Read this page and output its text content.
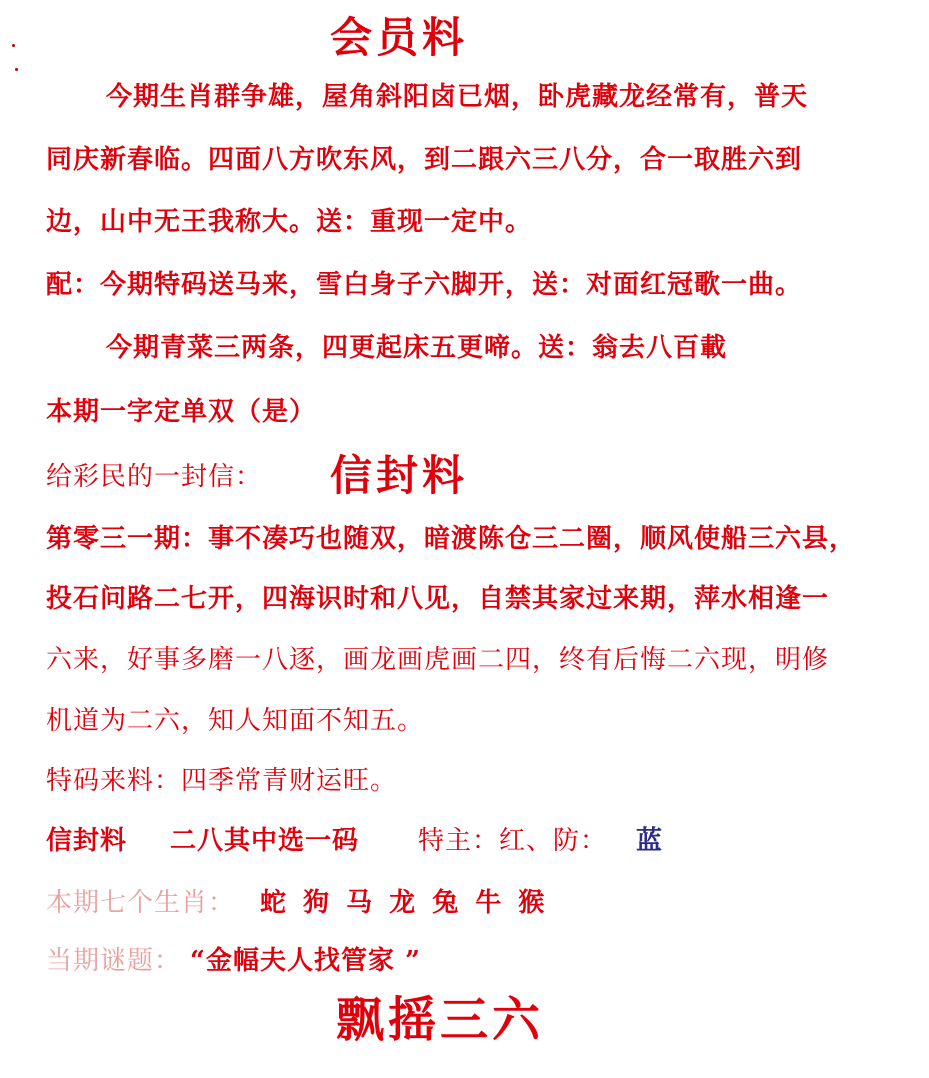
会员料
今期生肖群争雄，屋角斜阳卤已烟，卧虎藏龙经常有，普天
同庆新春临。四面八方吹东风，到二跟六三八分，合一取胜六到
边，山中无王我称大。送：重现一定中。
配：今期特码送马来，雪白身子六脚开，送：对面红冠歌一曲。
今期青菜三两条，四更起床五更啼。送：翁去八百載
本期一字定单双（是）
给彩民的一封信： 信封料
第零三一期：事不凑巧也随双，暗渡陈仓三二圈，顺风使船三六县，
投石问路二七开，四海识时和八见，自禁其家过来期，萍水相逢一
六来，好事多磨一八逐，画龙画虎画二四，终有后悔二六现，明修
机道为二六，知人知面不知五。
特码来料：四季常青财运旺。
信封料 二八其中选一码 特主：红、防： 蓝
本期七个生肖： 蛇 狗 马 龙 兔 牛 猴
当期谜题： “金幅夫人找管家 ”
飘摇三六
